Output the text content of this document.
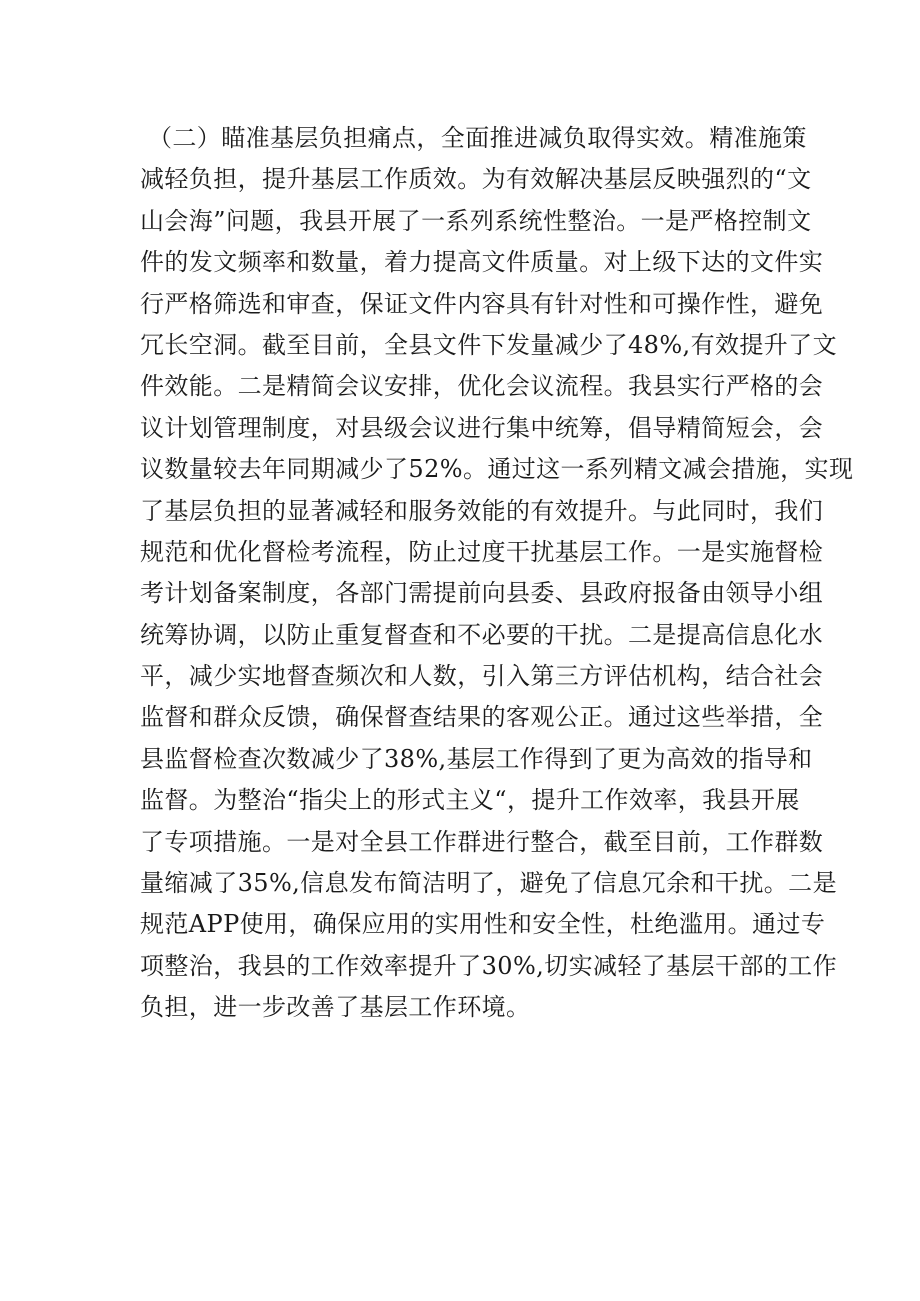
（二）瞄准基层负担痛点，全面推进减负取得实效。精准施策
减轻负担，提升基层工作质效。为有效解决基层反映强烈的“文
山会海”问题，我县开展了一系列系统性整治。一是严格控制文
件的发文频率和数量，着力提高文件质量。对上级下达的文件实
行严格筛选和审查，保证文件内容具有针对性和可操作性，避免
冗长空洞。截至目前，全县文件下发量减少了48%,有效提升了文
件效能。二是精简会议安排，优化会议流程。我县实行严格的会
议计划管理制度，对县级会议进行集中统筹，倡导精简短会，会
议数量较去年同期减少了52%。通过这一系列精文减会措施，实现
了基层负担的显著减轻和服务效能的有效提升。与此同时，我们
规范和优化督检考流程，防止过度干扰基层工作。一是实施督检
考计划备案制度，各部门需提前向县委、县政府报备由领导小组
统筹协调，以防止重复督查和不必要的干扰。二是提高信息化水
平，减少实地督查频次和人数，引入第三方评估机构，结合社会
监督和群众反馈，确保督查结果的客观公正。通过这些举措，全
县监督检查次数减少了38%,基层工作得到了更为高效的指导和
监督。为整治“指尖上的形式主义“，提升工作效率，我县开展
了专项措施。一是对全县工作群进行整合，截至目前，工作群数
量缩减了35%,信息发布简洁明了，避免了信息冗余和干扰。二是
规范APP使用，确保应用的实用性和安全性，杜绝滥用。通过专
项整治，我县的工作效率提升了30%,切实减轻了基层干部的工作
负担，进一步改善了基层工作环境。
